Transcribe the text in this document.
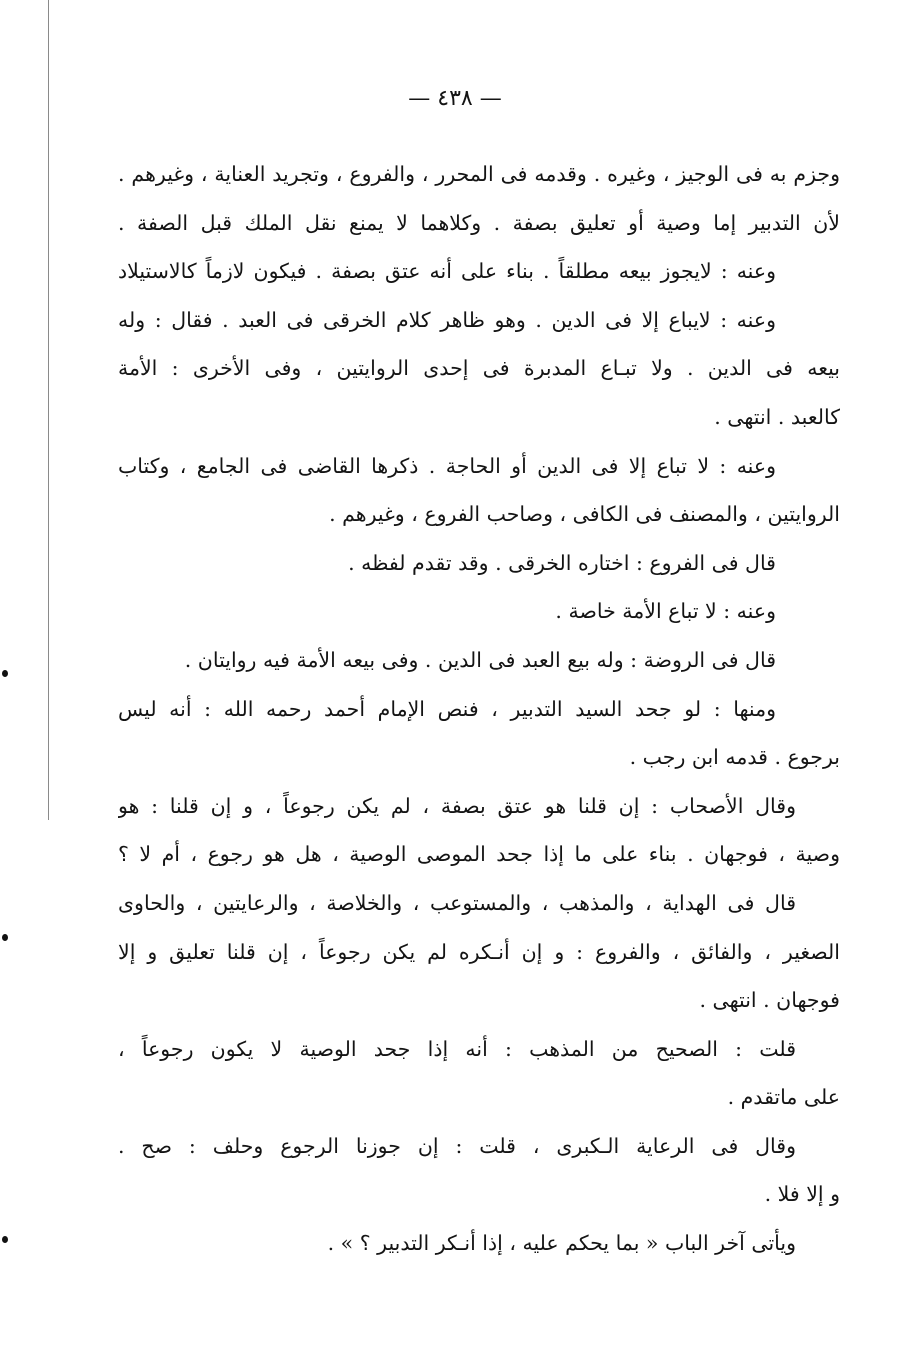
— ٤٣٨ —
وجزم به فى الوجيز ، وغيره . وقدمه فى المحرر ، والفروع ، وتجريد العناية ، وغيرهم .
لأن التدبير إما وصية أو تعليق بصفة . وكلاهما لا يمنع نقل الملك قبل الصفة .
وعنه : لايجوز بيعه مطلقاً . بناء على أنه عتق بصفة . فيكون لازماً كالاستيلاد
وعنه : لايباع إلا فى الدين . وهو ظاهر كلام الخرقى فى العبد . فقال : وله
بيعه فى الدين . ولا تبـاع المدبرة فى إحدى الروايتين ، وفى الأخرى : الأمة
كالعبد . انتهى .
وعنه : لا تباع إلا فى الدين أو الحاجة . ذكرها القاضى فى الجامع ، وكتاب
الروايتين ، والمصنف فى الكافى ، وصاحب الفروع ، وغيرهم .
قال فى الفروع : اختاره الخرقى . وقد تقدم لفظه .
وعنه : لا تباع الأمة خاصة .
قال فى الروضة : وله بيع العبد فى الدين . وفى بيعه الأمة فيه روايتان .
ومنها : لو جحد السيد التدبير ، فنص الإمام أحمد رحمه الله : أنه ليس
برجوع . قدمه ابن رجب .
وقال الأصحاب : إن قلنا هو عتق بصفة ، لم يكن رجوعاً ، و إن قلنا : هو
وصية ، فوجهان . بناء على ما إذا جحد الموصى الوصية ، هل هو رجوع ، أم لا ؟
قال فى الهداية ، والمذهب ، والمستوعب ، والخلاصة ، والرعايتين ، والحاوى
الصغير ، والفائق ، والفروع : و إن أنـكره لم يكن رجوعاً ، إن قلنا تعليق و إلا
فوجهان . انتهى .
قلت : الصحيح من المذهب : أنه إذا جحد الوصية لا يكون رجوعاً ،
على ماتقدم .
وقال فى الرعاية الـكبرى ، قلت : إن جوزنا الرجوع وحلف : صح .
و إلا فلا .
ويأتى آخر الباب « بما يحكم عليه ، إذا أنـكر التدبير ؟ » .
